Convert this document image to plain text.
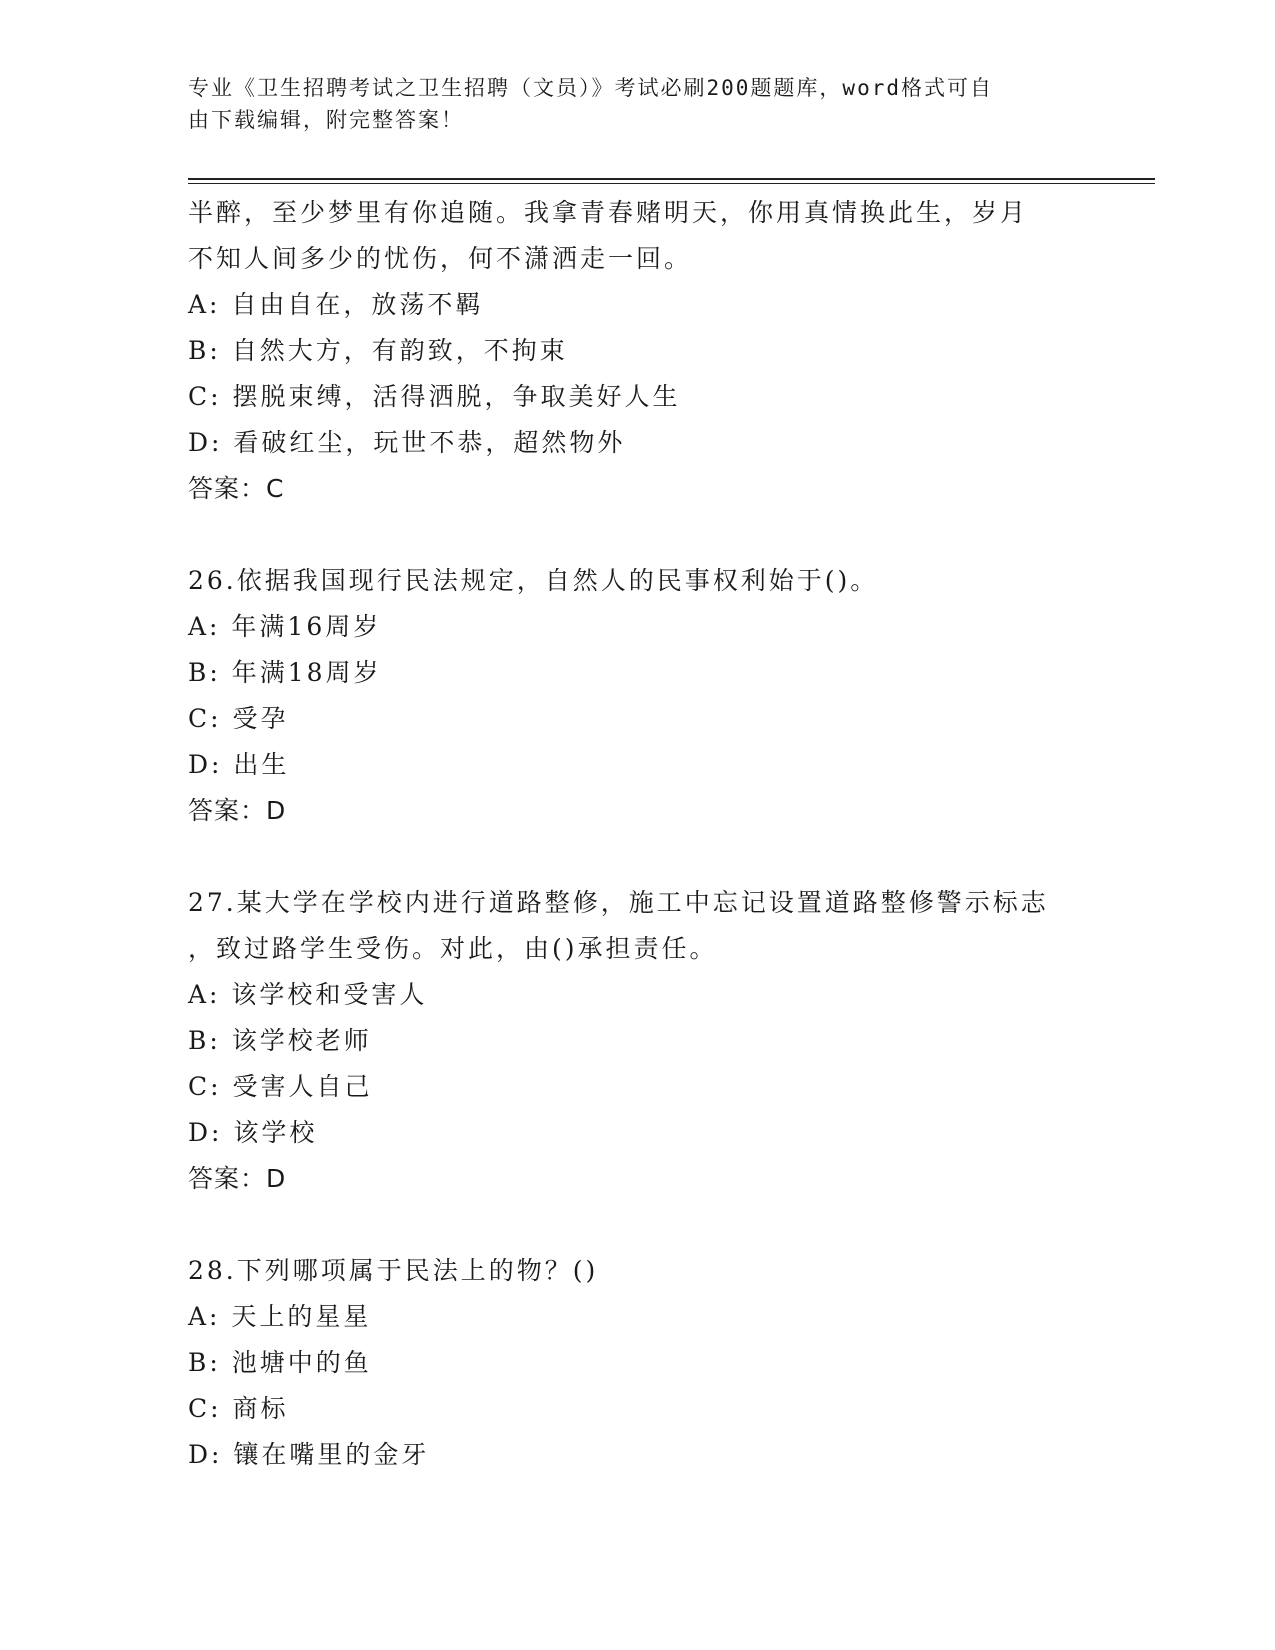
专业《卫生招聘考试之卫生招聘（文员）》考试必刷200题题库，word格式可自
由下载编辑，附完整答案！
半醉，至少梦里有你追随。我拿青春赌明天，你用真情换此生，岁月
不知人间多少的忧伤，何不潇洒走一回。
A: 自由自在，放荡不羁
B: 自然大方，有韵致，不拘束
C: 摆脱束缚，活得洒脱，争取美好人生
D: 看破红尘，玩世不恭，超然物外
答案：C
26.依据我国现行民法规定，自然人的民事权利始于()。
A: 年满16周岁
B: 年满18周岁
C: 受孕
D: 出生
答案：D
27.某大学在学校内进行道路整修，施工中忘记设置道路整修警示标志
，致过路学生受伤。对此，由()承担责任。
A: 该学校和受害人
B: 该学校老师
C: 受害人自己
D: 该学校
答案：D
28.下列哪项属于民法上的物？()
A: 天上的星星
B: 池塘中的鱼
C: 商标
D: 镶在嘴里的金牙
